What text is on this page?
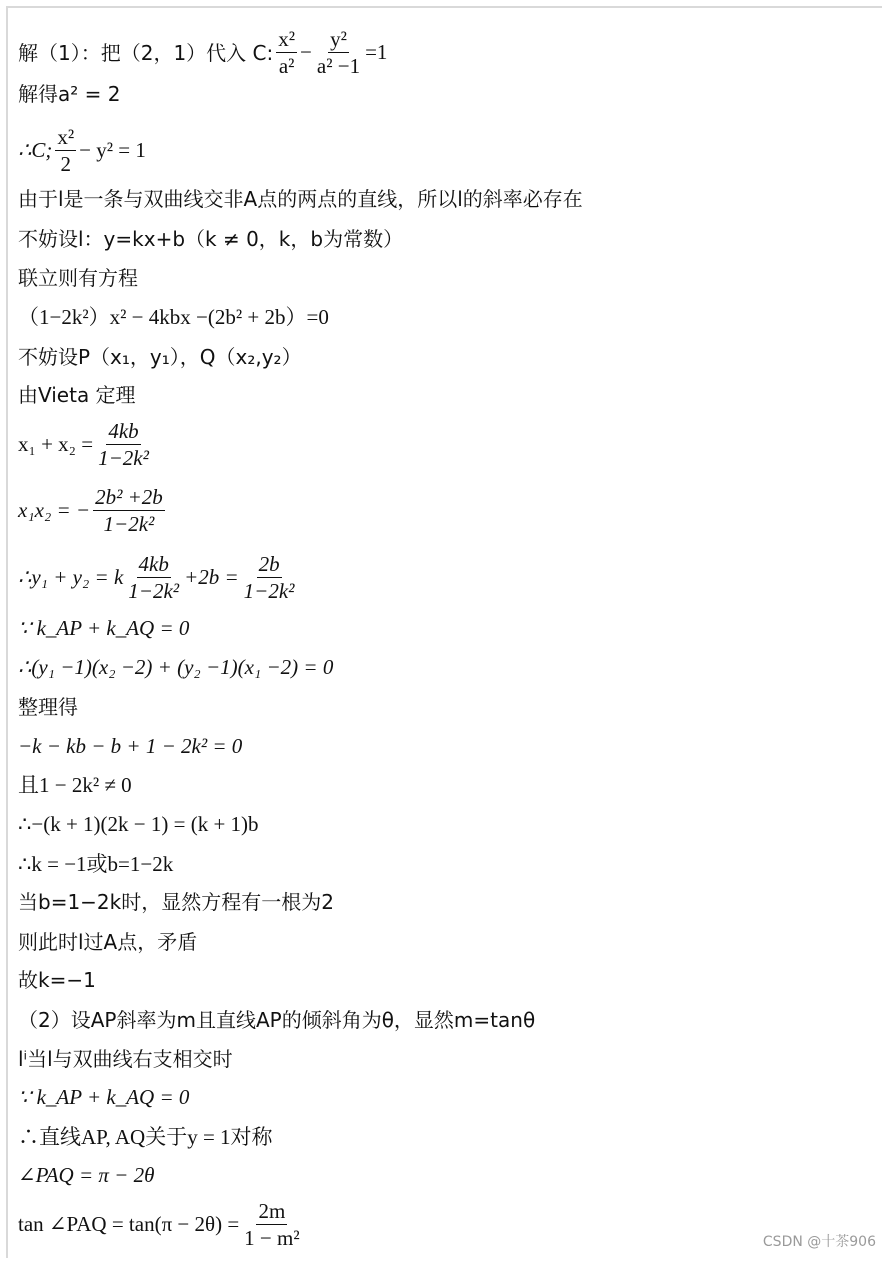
解（1）：把（2，1）代入 C: $\frac{\text{x²}}{\text{a²}} - \frac{\text{y²}}{\text{a² −1}} =1$
解得a² = 2
∴C; $\frac{\text{x²}}{2} - y^2 = 1$
由于l是一条与双曲线交非A点的两点的直线，所以l的斜率必存在
不妨设l：y=kx+b（k ≠ 0，k，b为常数）
联立则有方程
（1−2k²）x² − 4kbx −(2b² + 2b）=0
不妨设P（x₁，y₁），Q（x₂,y₂）
由Vieta 定理
$x_1 + x_2 = \frac{4kb}{\text{1−2k²}}$
x₁x₂ = − $\frac{\text{2b² +2b}}{\text{1−2k²}}$
∴y₁ + y₂ = k $\frac{4kb}{\text{1−2k²}} +2b = \frac{2b}{\text{1−2k²}}$
∵ k_AP + k_AQ = 0
∴(y₁ −1)(x₂ −2) + (y₂ −1)(x₁ −2) = 0
整理得
−k − kb − b + 1 − 2k² = 0
且1 − 2k² ≠ 0
∴−(k + 1)(2k − 1) = (k + 1)b
∴k = −1或b=1−2k
当b=1−2k时，显然方程有一根为2
则此时l过A点，矛盾
故k=−1
（2）设AP斜率为m且直线AP的倾斜角为θ，显然m=tanθ
lⁱ当l与双曲线右支相交时
∵ k_AP + k_AQ = 0
∴直线AP, AQ关于y = 1对称
∠PAQ = π − 2θ
tan ∠PAQ = $\tan(\pi - 2\theta) = \frac{2m}{\text{1 − m²}}$	CSDN @十茶906
